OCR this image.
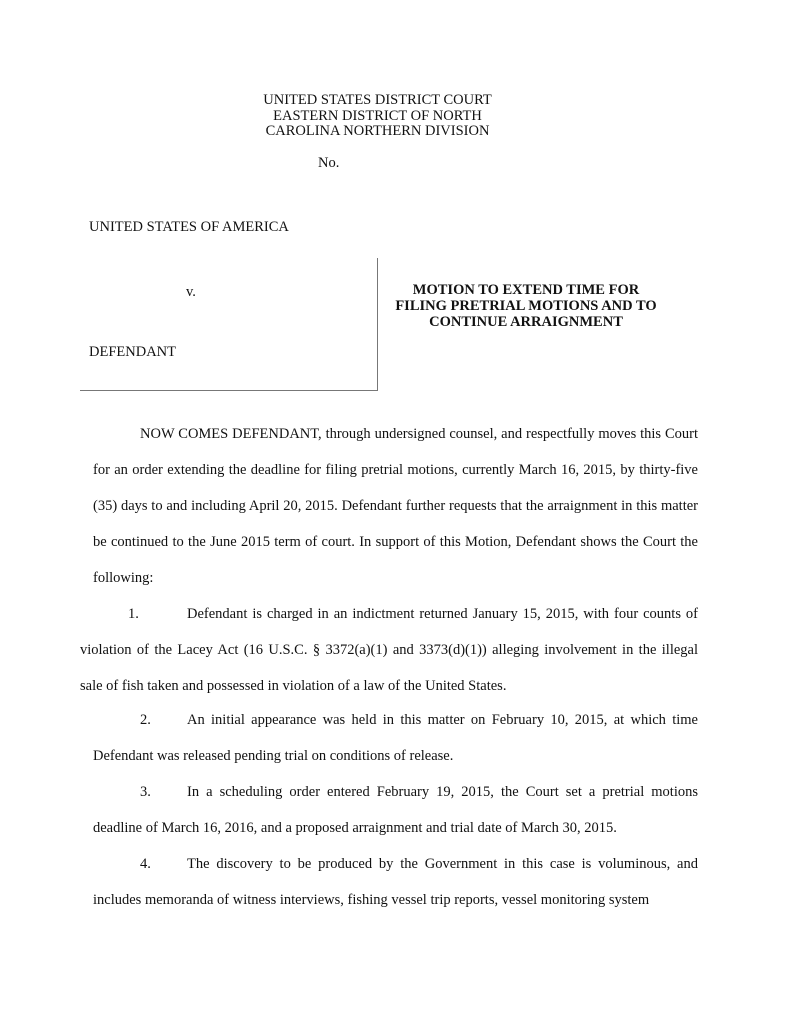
UNITED STATES DISTRICT COURT
EASTERN DISTRICT OF NORTH
CAROLINA NORTHERN DIVISION
No.
UNITED STATES OF AMERICA
v.
DEFENDANT
MOTION TO EXTEND TIME FOR
FILING PRETRIAL MOTIONS AND TO
CONTINUE ARRAIGNMENT

NOW COMES DEFENDANT, through undersigned counsel, and respectfully moves this Court for an order extending the deadline for filing pretrial motions, currently March 16, 2015, by thirty-five (35) days to and including April 20, 2015. Defendant further requests that the arraignment in this matter be continued to the June 2015 term of court. In support of this Motion, Defendant shows the Court the following:

1.	Defendant is charged in an indictment returned January 15, 2015, with four counts of violation of the Lacey Act (16 U.S.C. § 3372(a)(1) and 3373(d)(1)) alleging involvement in the illegal sale of fish taken and possessed in violation of a law of the United States.

2. An initial appearance was held in this matter on February 10, 2015, at which time Defendant was released pending trial on conditions of release.

3. In a scheduling order entered February 19, 2015, the Court set a pretrial motions deadline of March 16, 2016, and a proposed arraignment and trial date of March 30, 2015.

4. The discovery to be produced by the Government in this case is voluminous, and includes memoranda of witness interviews, fishing vessel trip reports, vessel monitoring system
